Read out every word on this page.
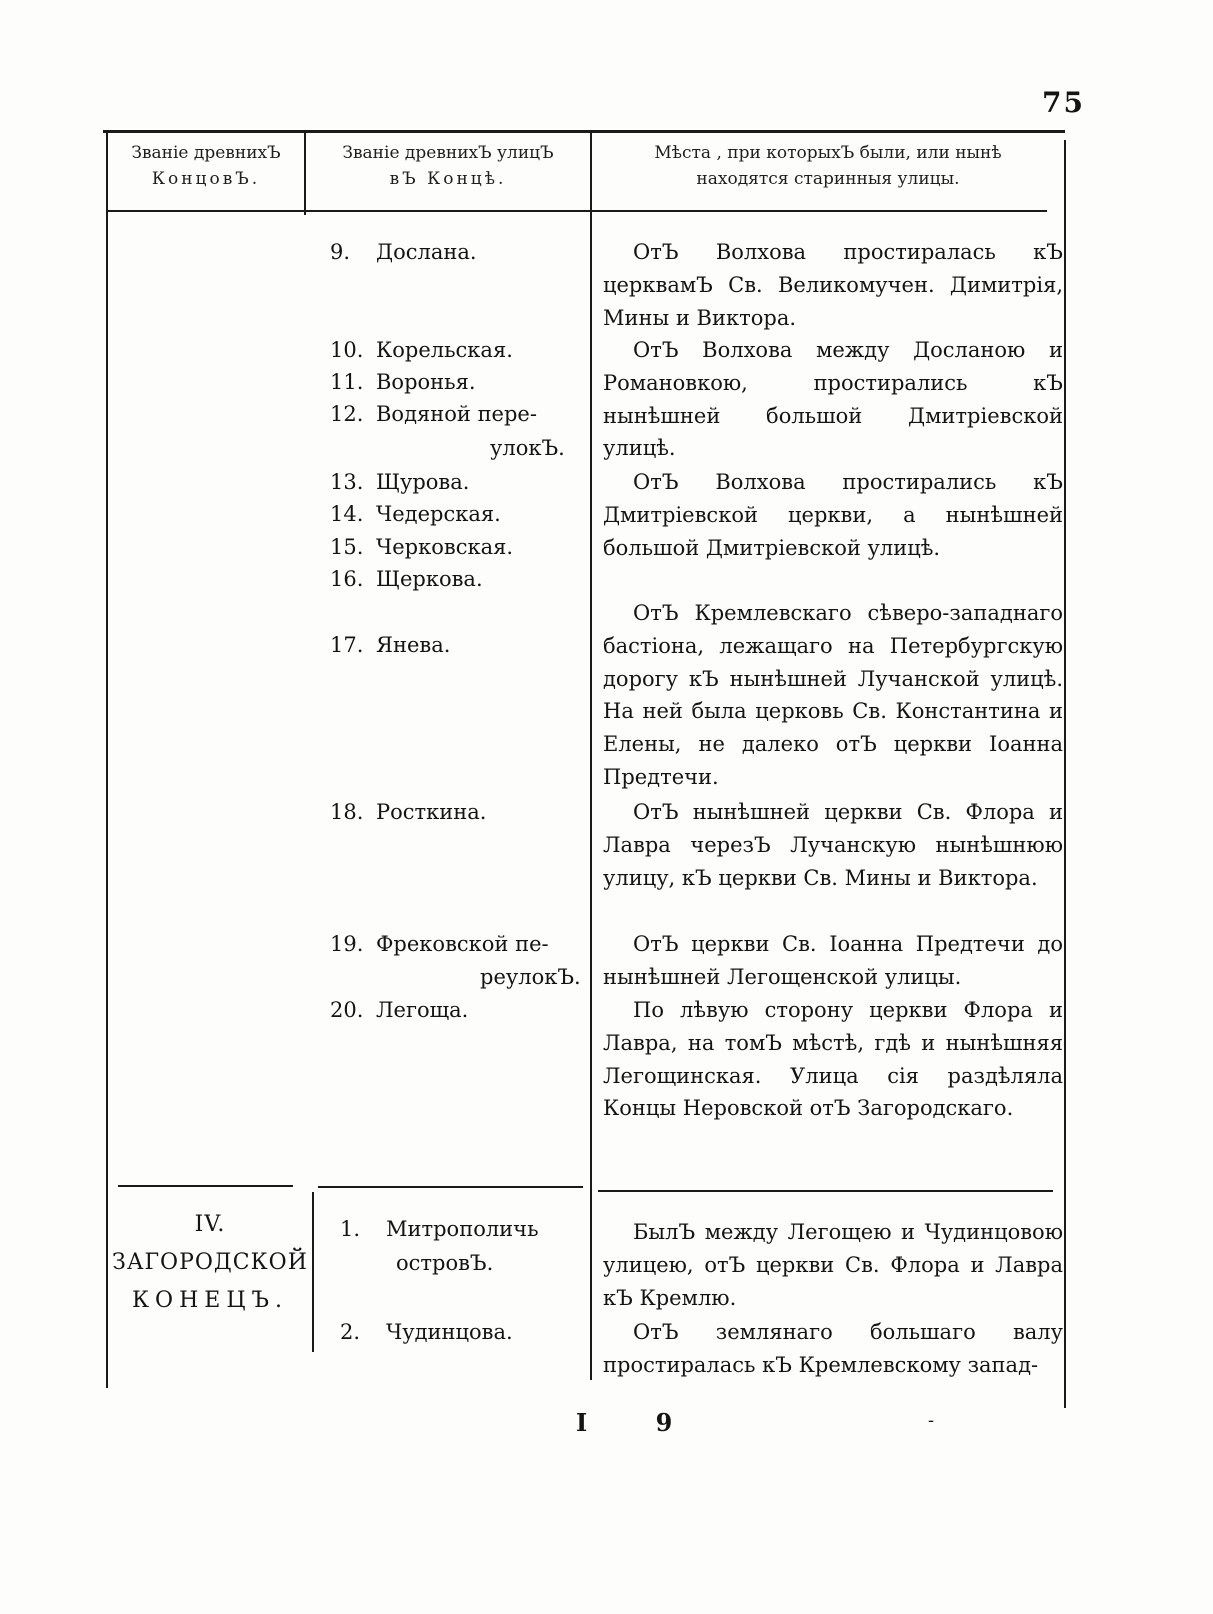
75
Званіе древнихЪ
КонцовЪ.
Званіе древнихЪ улицЪ
вЪ Концѣ.
Мѣста , при которыхЪ были, или нынѣ
находятся старинныя улицы.
9. Дослана.
10. Корельская.
11. Воронья.
12. Водяной пере-
улокЪ.
13. Щурова.
14. Чедерская.
15. Черковская.
16. Щеркова.
17. Янева.
18. Росткина.
19. Фрековской пе-
реулокЪ.
20. Легоща.

ОтЪ Волхова простиралась кЪ церквамЪ Св. Великомучен. Димитрія, Мины и Виктора.

ОтЪ Волхова между Досланою и Романовкою, простирались кЪ нынѣшней большой Дмитріевской улицѣ.

ОтЪ Волхова простирались кЪ Дмитріевской церкви, а нынѣшней большой Дмитріевской улицѣ.

ОтЪ Кремлевскаго сѣверо-западнаго бастіона, лежащаго на Петербургскую дорогу кЪ нынѣшней Лучанской улицѣ. На ней была церковь Св. Константина и Елены, не далеко отЪ церкви Іоанна Предтечи.

ОтЪ нынѣшней церкви Св. Флора и Лавра черезЪ Лучанскую нынѣшнюю улицу, кЪ церкви Св. Мины и Виктора.

ОтЪ церкви Св. Іоанна Предтечи до нынѣшней Легощенской улицы.

По лѣвую сторону церкви Флора и Лавра, на томЪ мѣстѣ, гдѣ и нынѣшняя Легощинская. Улица сія раздѣляла Концы Неровской отЪ Загородскаго.

IV.
ЗАГОРОДСКОЙ
КОНЕЦЪ.
1. Митрополичь
островЪ.
2. Чудинцова.

БылЪ между Легощею и Чудинцовою улицею, отЪ церкви Св. Флора и Лавра кЪ Кремлю.

ОтЪ землянаго большаго валу простиралась кЪ Кремлевскому запад-

I 9	-
